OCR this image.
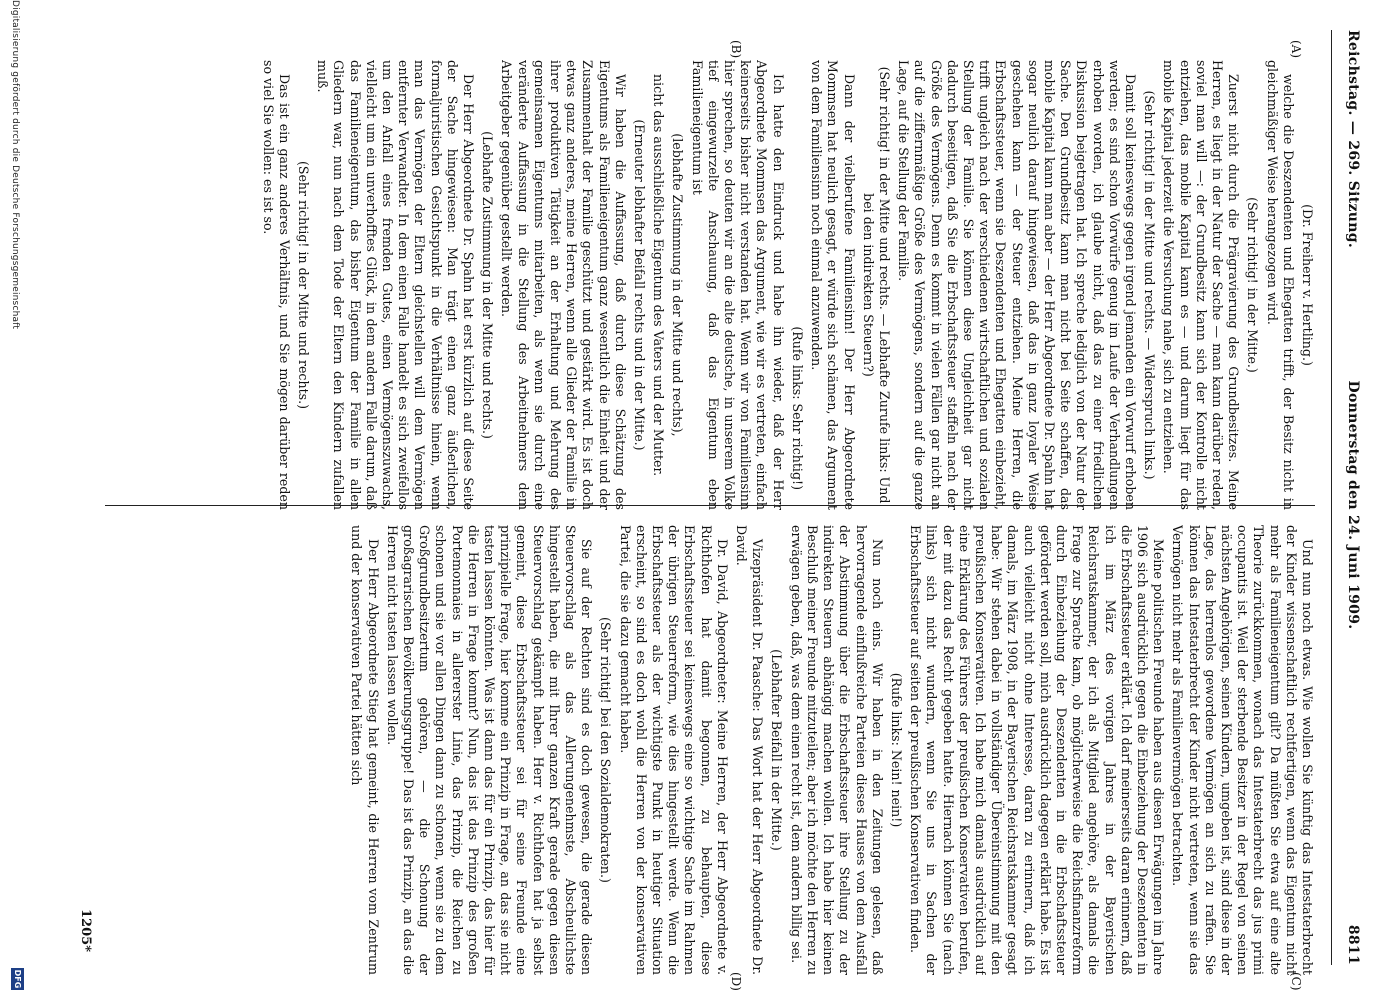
Reichstag. — 269. Sitzung.
Donnerstag den 24. Juni 1909.
8811
(A)
(B)
(C)
(D)

(Dr. Freiherr v. Hertling.)

welche die Deszendenten und Ehegatten trifft, der Besitz nicht in gleichmäßiger Weise herangezogen wird.

(Sehr richtig! in der Mitte.)

Zuerst nicht durch die Prägravierung des Grundbesitzes. Meine Herren, es liegt in der Natur der Sache — man kann darüber reden, soviel man will —: der Grundbesitz kann sich der Kontrolle nicht entziehen, das mobile Kapital kann es — und darum liegt für das mobile Kapital jederzeit die Versuchung nahe, sich zu entziehen.

(Sehr richtig! in der Mitte und rechts. — Widerspruch links.)

Damit soll keineswegs gegen irgend jemanden ein Vorwurf erhoben werden; es sind schon Vorwürfe genug im Laufe der Verhandlungen erhoben worden, ich glaube nicht, daß das zu einer friedlichen Diskussion beigetragen hat. Ich spreche lediglich von der Natur der Sache. Den Grundbesitz kann man nicht bei Seite schaffen, das mobile Kapital kann man aber — der Herr Abgeordnete Dr. Spahn hat sogar neulich darauf hingewiesen, daß das in ganz loyaler Weise geschehen kann — der Steuer entziehen. Meine Herren, die Erbschaftssteuer, wenn sie Deszendenten und Ehegatten einbezieht, trifft ungleich nach der verschiedenen wirtschaftlichen und sozialen Stellung der Familie. Sie können diese Ungleichheit gar nicht dadurch beseitigen, daß Sie die Erbschaftssteuer staffeln nach der Größe des Vermögens. Denn es kommt in vielen Fällen gar nicht an auf die ziffernmäßige Größe des Vermögens, sondern auf die ganze Lage, auf die Stellung der Familie.

(Sehr richtig! in der Mitte und rechts. — Lebhafte Zurufe links: Und bei den indirekten Steuern?)

Dann der vielberufene Familiensinn! Der Herr Abgeordnete Mommsen hat neulich gesagt, er würde sich schämen, das Argument von dem Familiensinn noch einmal anzuwenden.

(Rufe links: Sehr richtig!)

Ich hatte den Eindruck und habe ihn wieder, daß der Herr Abgeordnete Mommsen das Argument, wie wir es vertreten, einfach keinerseits bisher nicht verstanden hat. Wenn wir von Familiensinn hier sprechen, so deuten wir an die alte deutsche, in unserem Volke tief eingewurzelte Anschauung, daß das Eigentum eben Familieneigentum ist

(lebhafte Zustimmung in der Mitte und rechts),

nicht das ausschließliche Eigentum des Vaters und der Mutter.

(Erneuter lebhafter Beifall rechts und in der Mitte.)

Wir haben die Auffassung, daß durch diese Schätzung des Eigentums als Familieneigentum ganz wesentlich die Einheit und der Zusammenhalt der Familie geschützt und gestärkt wird. Es ist doch etwas ganz anderes, meine Herren, wenn alle Glieder der Familie in ihrer produktiven Tätigkeit an der Erhaltung und Mehrung des gemeinsamen Eigentums mitarbeiten, als wenn sie durch eine veränderte Auffassung in die Stellung des Arbeitnehmers dem Arbeitgeber gegenüber gestellt werden.

(Lebhafte Zustimmung in der Mitte und rechts.)

Der Herr Abgeordnete Dr. Spahn hat erst kürzlich auf diese Seite der Sache hingewiesen: Man trägt einen ganz äußerlichen, formaljuristischen Gesichtspunkt in die Verhältnisse hinein, wenn man das Vermögen der Eltern gleichstellen will dem Vermögen entfernter Verwandter. In dem einen Falle handelt es sich zweifellos um den Anfall eines fremden Gutes, einen Vermögenszuwachs, vielleicht um ein unverhofftes Glück, in dem andern Falle darum, daß das Familieneigentum, das bisher Eigentum der Familie in allen Gliedern war, nun nach dem Tode der Eltern den Kindern zufallen muß.

(Sehr richtig! in der Mitte und rechts.)

Das ist ein ganz anderes Verhältnis, und Sie mögen darüber reden so viel Sie wollen: es ist so.

Und nun noch etwas. Wie wollen Sie künftig das Intestaterbrecht der Kinder wissenschaftlich rechtfertigen, wenn das Eigentum nicht mehr als Familieneigentum gilt? Da müßten Sie etwa auf eine alte Theorie zurückkommen, wonach das Intestaterbrecht das jus primi occupantis ist. Weil der sterbende Besitzer in der Regel von seinen nächsten Angehörigen, seinen Kindern, umgeben ist, sind diese in der Lage, das herrenlos gewordene Vermögen an sich zu raffen. Sie können das Intestaterbrecht der Kinder nicht vertreten, wenn sie das Vermögen nicht mehr als Familienvermögen betrachten.

Meine politischen Freunde haben aus diesen Erwägungen im Jahre 1906 sich ausdrücklich gegen die Einbeziehung der Deszendenten in die Erbschaftssteuer erklärt. Ich darf meinerseits daran erinnern, daß ich im März des vorigen Jahres in der Bayerischen Reichsratskammer, der ich als Mitglied angehöre, als damals die Frage zur Sprache kam, ob möglicherweise die Reichsfinanzreform durch Einbeziehung der Deszendenten in die Erbschaftssteuer gefördert werden soll, mich ausdrücklich dagegen erklärt habe. Es ist auch vielleicht nicht ohne Interesse, daran zu erinnern, daß ich damals, im März 1908, in der Bayerischen Reichsratskammer gesagt habe: Wir stehen dabei in vollständiger Übereinstimmung mit den preußischen Konservativen. Ich habe mich damals ausdrücklich auf eine Erklärung des Führers der preußischen Konservativen berufen, der mit dazu das Recht gegeben hatte. Hiernach können Sie (nach links) sich nicht wundern, wenn Sie uns in Sachen der Erbschaftssteuer auf seiten der preußischen Konservativen finden.

(Rufe links: Nein! nein!)

Nun noch eins. Wir haben in den Zeitungen gelesen, daß hervorragende einflußreiche Parteien dieses Hauses von dem Ausfall der Abstimmung über die Erbschaftssteuer ihre Stellung zu der indirekten Steuern abhängig machen wollen. Ich habe hier keinen Beschluß meiner Freunde mitzuteilen; aber ich möchte den Herren zu erwägen geben, daß, was dem einen recht ist, dem andern billig sei.

(Lebhafter Beifall in der Mitte.)

Vizepräsident Dr. Paasche: Das Wort hat der Herr Abgeordnete Dr. David.

Dr. David, Abgeordneter: Meine Herren, der Herr Abgeordnete v. Richthofen hat damit begonnen, zu behaupten, diese Erbschaftssteuer sei keineswegs eine so wichtige Sache im Rahmen der übrigen Steuerreform, wie dies hingestellt werde. Wenn die Erbschaftssteuer als der wichtigste Punkt in heutiger Situation erscheint, so sind es doch wohl die Herren von der konservativen Partei, die sie dazu gemacht haben.

(Sehr richtig! bei den Sozialdemokraten.)

Sie auf der Rechten sind es doch gewesen, die gerade diesen Steuervorschlag als das Allerungenehmste, Abscheulichste hingestellt haben, die mit Ihrer ganzen Kraft gerade gegen diesen Steuervorschlag gekämpft haben. Herr v. Richthofen hat ja selbst gemeint, diese Erbschaftssteuer sei für seine Freunde eine prinzipielle Frage, hier komme ein Prinzip in Frage, an das sie nicht tasten lassen könnten. Was ist dann das für ein Prinzip, das hier für die Herren in Frage kommt? Nun, das ist das Prinzip des großen Portemonnaies in allererster Linie, das Prinzip, die Reichen zu schonen und sie vor allen Dingen dann zu schonen, wenn sie zu dem Großgrundbesitzertum gehören, — die Schonung der großagrarischen Bevölkerungsgruppe! Das ist das Prinzip, an das die Herren nicht tasten lassen wollen.

Der Herr Abgeordnete Stieg hat gemeint, die Herren vom Zentrum und der konservativen Partei hätten sich

1205*
Digitalisierung gefördert durch die Deutsche Forschungsgemeinschaft
DFG
